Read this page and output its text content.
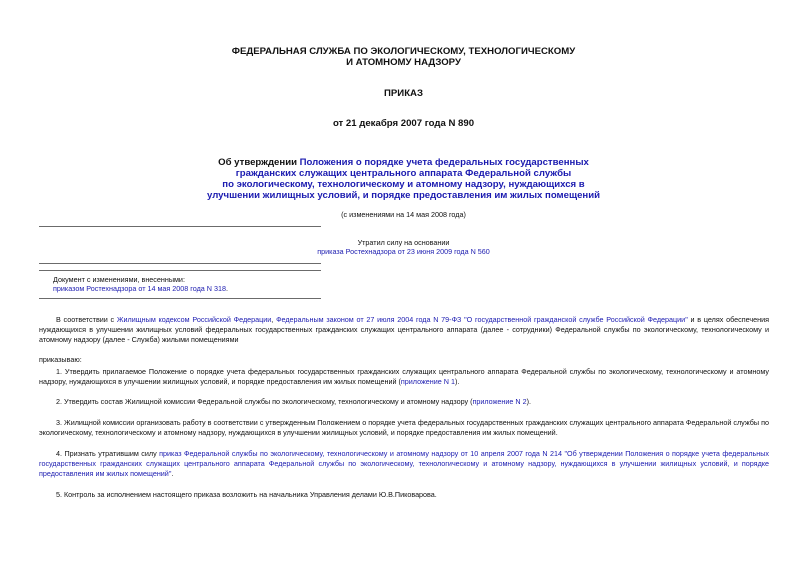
ФЕДЕРАЛЬНАЯ СЛУЖБА ПО ЭКОЛОГИЧЕСКОМУ, ТЕХНОЛОГИЧЕСКОМУ
И АТОМНОМУ НАДЗОРУ
ПРИКАЗ
от 21 декабря 2007 года N 890
Об утверждении Положения о порядке учета федеральных государственных
гражданских служащих центрального аппарата Федеральной службы
по экологическому, технологическому и атомному надзору, нуждающихся в
улучшении жилищных условий, и порядке предоставления им жилых помещений
(с изменениями на 14 мая 2008 года)
Утратил силу на основании
приказа Ростехнадзора от 23 июня 2009 года N 560
Документ с изменениями, внесенными:
приказом Ростехнадзора от 14 мая 2008 года N 318.
В соответствии с Жилищным кодексом Российской Федерации, Федеральным законом от 27 июля 2004 года N 79-ФЗ "О государственной гражданской службе Российской Федерации" и в целях обеспечения нуждающихся в улучшении жилищных условий федеральных государственных гражданских служащих центрального аппарата (далее - сотрудники) Федеральной службы по экологическому, технологическому и атомному надзору (далее - Служба) жилыми помещениями
приказываю:
1. Утвердить прилагаемое Положение о порядке учета федеральных государственных гражданских служащих центрального аппарата Федеральной службы по экологическому, технологическому и атомному надзору, нуждающихся в улучшении жилищных условий, и порядке предоставления им жилых помещений (приложение N 1).
2. Утвердить состав Жилищной комиссии Федеральной службы по экологическому, технологическому и атомному надзору (приложение N 2).
3. Жилищной комиссии организовать работу в соответствии с утвержденным Положением о порядке учета федеральных государственных гражданских служащих центрального аппарата Федеральной службы по экологическому, технологическому и атомному надзору, нуждающихся в улучшении жилищных условий, и порядке предоставления им жилых помещений.
4. Признать утратившим силу приказ Федеральной службы по экологическому, технологическому и атомному надзору от 10 апреля 2007 года N 214 "Об утверждении Положения о порядке учета федеральных государственных гражданских служащих центрального аппарата Федеральной службы по экологическому, технологическому и атомному надзору, нуждающихся в улучшении жилищных условий, и порядке предоставления им жилых помещений".
5. Контроль за исполнением настоящего приказа возложить на начальника Управления делами Ю.В.Пиковарова.
